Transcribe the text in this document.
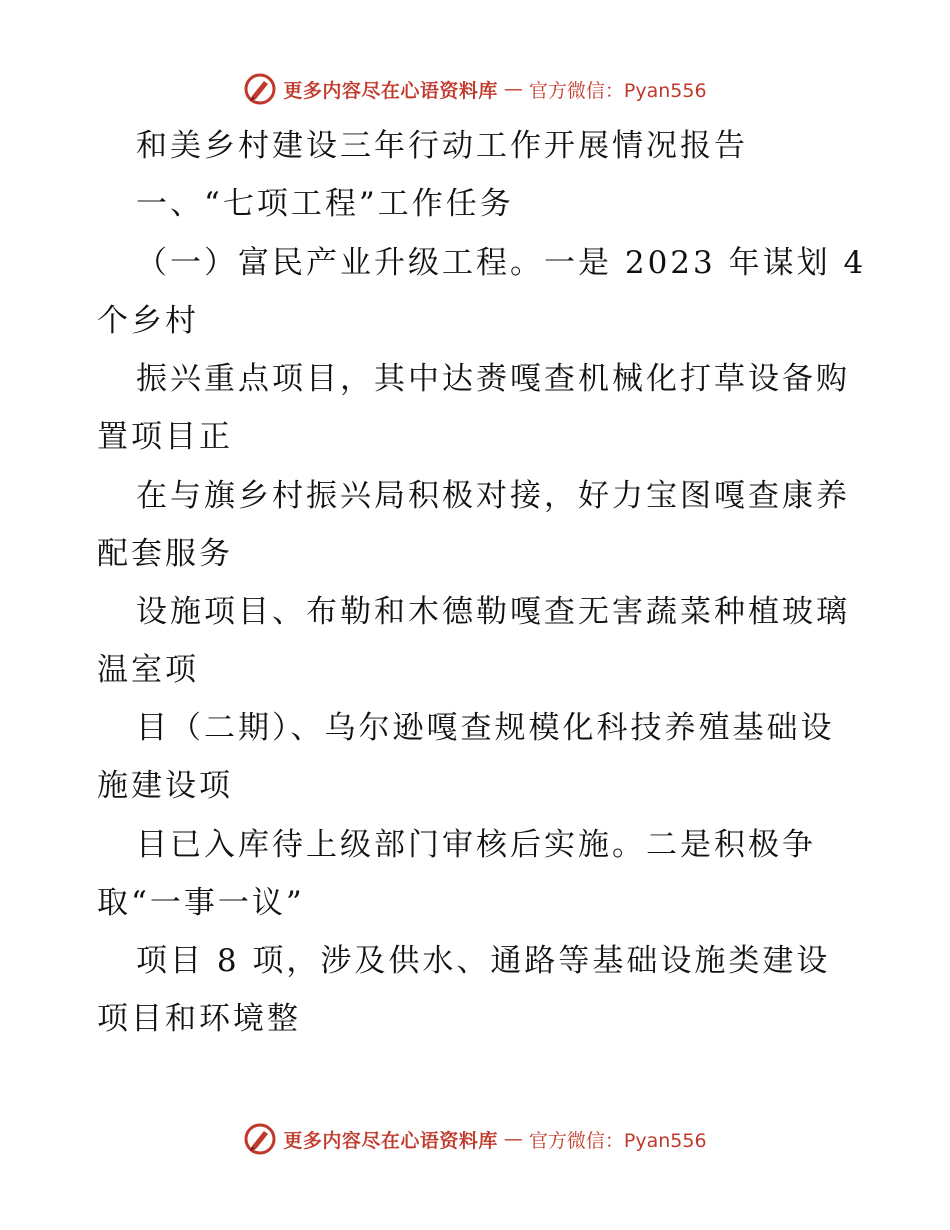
更多内容尽在心语资料库 — 官方微信：Pyan556
和美乡村建设三年行动工作开展情况报告
一、“七项工程”工作任务
（一）富民产业升级工程。一是 2023 年谋划 4
个乡村
振兴重点项目，其中达赉嘎查机械化打草设备购
置项目正
在与旗乡村振兴局积极对接，好力宝图嘎查康养
配套服务
设施项目、布勒和木德勒嘎查无害蔬菜种植玻璃
温室项
目（二期）、乌尔逊嘎查规模化科技养殖基础设
施建设项
目已入库待上级部门审核后实施。二是积极争
取“一事一议”
项目 8 项，涉及供水、通路等基础设施类建设
项目和环境整
更多内容尽在心语资料库 — 官方微信：Pyan556
